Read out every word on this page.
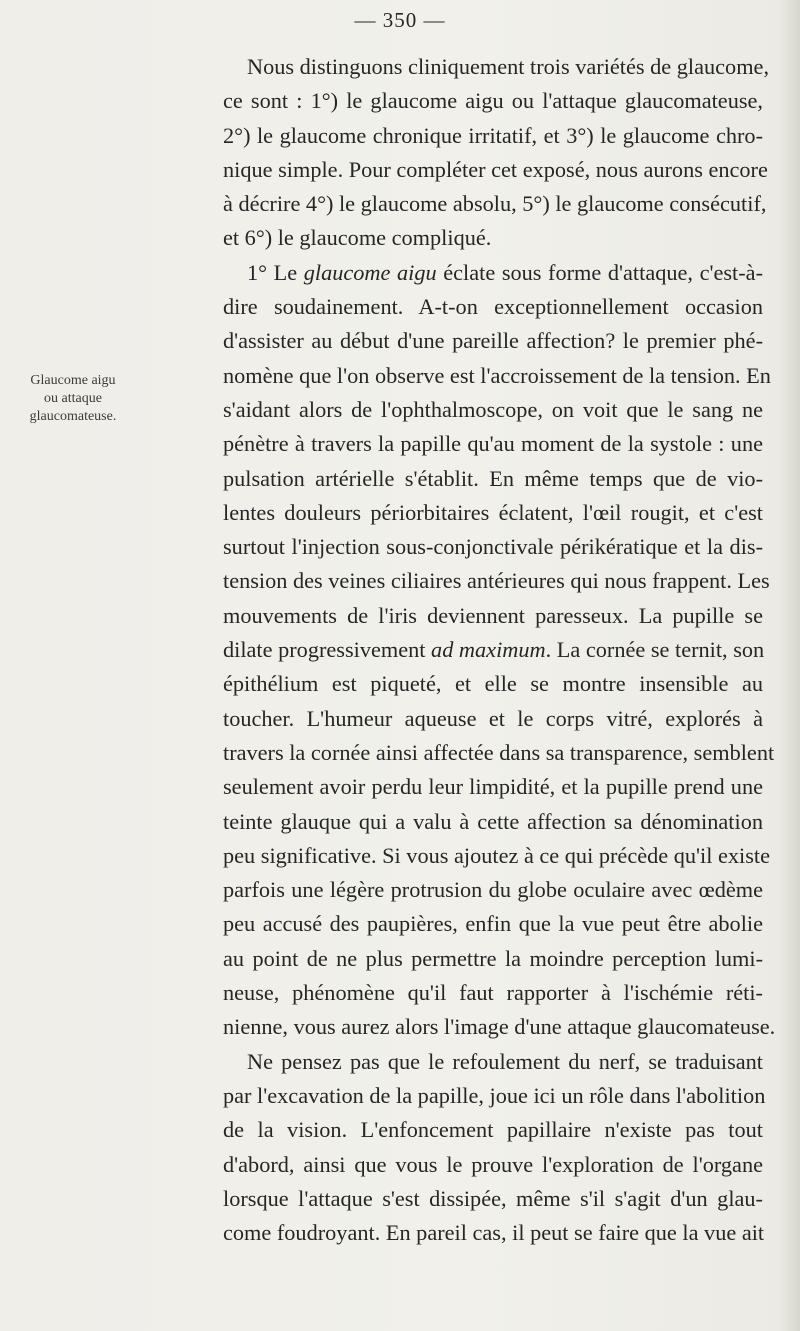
— 350 —
Glaucome aigu
ou attaque
glaucomateuse.
Nous distinguons cliniquement trois variétés de glaucome,
ce sont : 1°) le glaucome aigu ou l'attaque glaucomateuse,
2°) le glaucome chronique irritatif, et 3°) le glaucome chro-
nique simple. Pour compléter cet exposé, nous aurons encore
à décrire 4°) le glaucome absolu, 5°) le glaucome consécutif,
et 6°) le glaucome compliqué.
1° Le glaucome aigu éclate sous forme d'attaque, c'est-à-
dire soudainement. A-t-on exceptionnellement occasion
d'assister au début d'une pareille affection? le premier phé-
nomène que l'on observe est l'accroissement de la tension. En
s'aidant alors de l'ophthalmoscope, on voit que le sang ne
pénètre à travers la papille qu'au moment de la systole : une
pulsation artérielle s'établit. En même temps que de vio-
lentes douleurs périorbitaires éclatent, l'œil rougit, et c'est
surtout l'injection sous-conjonctivale périkératique et la dis-
tension des veines ciliaires antérieures qui nous frappent. Les
mouvements de l'iris deviennent paresseux. La pupille se
dilate progressivement ad maximum. La cornée se ternit, son
épithélium est piqueté, et elle se montre insensible au
toucher. L'humeur aqueuse et le corps vitré, explorés à
travers la cornée ainsi affectée dans sa transparence, semblent
seulement avoir perdu leur limpidité, et la pupille prend une
teinte glauque qui a valu à cette affection sa dénomination
peu significative. Si vous ajoutez à ce qui précède qu'il existe
parfois une légère protrusion du globe oculaire avec œdème
peu accusé des paupières, enfin que la vue peut être abolie
au point de ne plus permettre la moindre perception lumi-
neuse, phénomène qu'il faut rapporter à l'ischémie réti-
nienne, vous aurez alors l'image d'une attaque glaucomateuse.
Ne pensez pas que le refoulement du nerf, se traduisant
par l'excavation de la papille, joue ici un rôle dans l'abolition
de la vision. L'enfoncement papillaire n'existe pas tout
d'abord, ainsi que vous le prouve l'exploration de l'organe
lorsque l'attaque s'est dissipée, même s'il s'agit d'un glau-
come foudroyant. En pareil cas, il peut se faire que la vue ait
